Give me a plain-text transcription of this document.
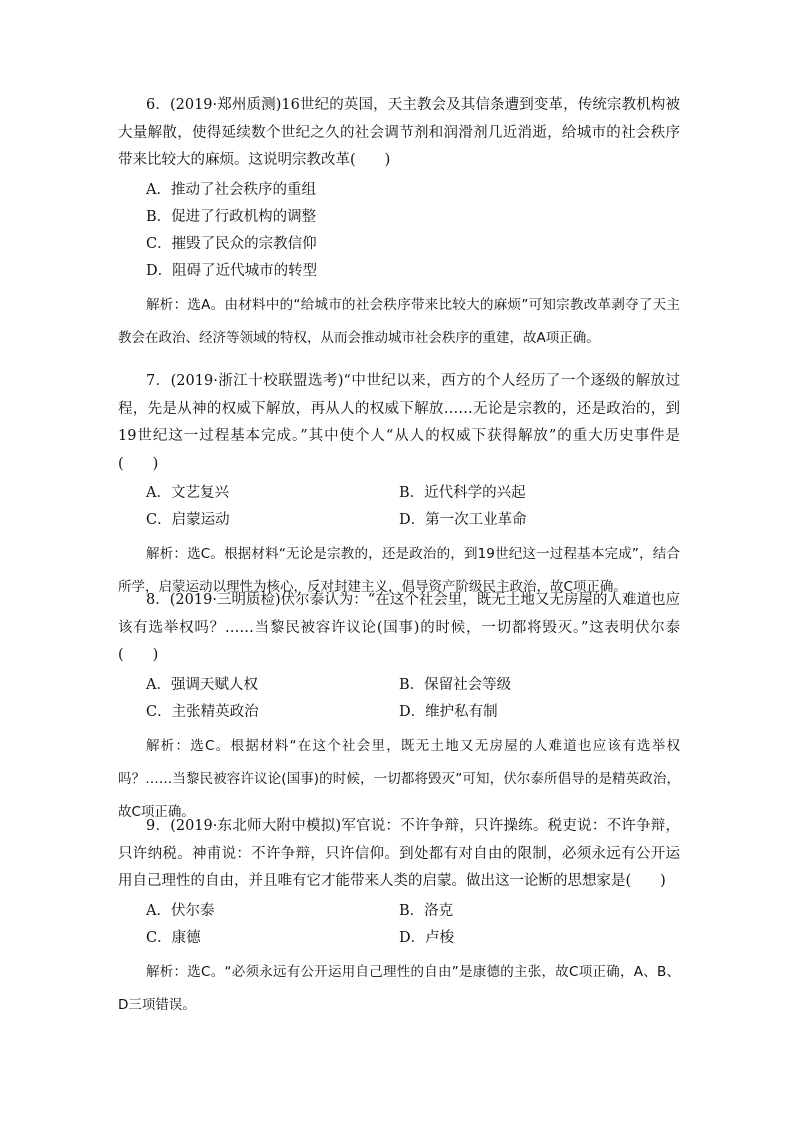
6．(2019·郑州质测)16世纪的英国，天主教会及其信条遭到变革，传统宗教机构被大量解散，使得延续数个世纪之久的社会调节剂和润滑剂几近消逝，给城市的社会秩序带来比较大的麻烦。这说明宗教改革(　　)

A．推动了社会秩序的重组
B．促进了行政机构的调整
C．摧毁了民众的宗教信仰
D．阻碍了近代城市的转型

解析：选A。由材料中的“给城市的社会秩序带来比较大的麻烦”可知宗教改革剥夺了天主教会在政治、经济等领域的特权，从而会推动城市社会秩序的重建，故A项正确。

7．(2019·浙江十校联盟选考)“中世纪以来，西方的个人经历了一个逐级的解放过程，先是从神的权威下解放，再从人的权威下解放……无论是宗教的，还是政治的，到19世纪这一过程基本完成。”其中使个人“从人的权威下获得解放”的重大历史事件是(　　)

A．文艺复兴	B．近代科学的兴起
C．启蒙运动	D．第一次工业革命

解析：选C。根据材料“无论是宗教的，还是政治的，到19世纪这一过程基本完成”，结合所学，启蒙运动以理性为核心，反对封建主义，倡导资产阶级民主政治，故C项正确。

8．(2019·三明质检)伏尔泰认为：“在这个社会里，既无土地又无房屋的人难道也应该有选举权吗？……当黎民被容许议论(国事)的时候，一切都将毁灭。”这表明伏尔泰(　　)

A．强调天赋人权	B．保留社会等级
C．主张精英政治	D．维护私有制

解析：选C。根据材料“在这个社会里，既无土地又无房屋的人难道也应该有选举权吗？……当黎民被容许议论(国事)的时候，一切都将毁灭”可知，伏尔泰所倡导的是精英政治，故C项正确。

9．(2019·东北师大附中模拟)军官说：不许争辩，只许操练。税吏说：不许争辩，只许纳税。神甫说：不许争辩，只许信仰。到处都有对自由的限制，必须永远有公开运用自己理性的自由，并且唯有它才能带来人类的启蒙。做出这一论断的思想家是(　　)

A．伏尔泰	B．洛克
C．康德	D．卢梭

解析：选C。“必须永远有公开运用自己理性的自由”是康德的主张，故C项正确，A、B、D三项错误。
